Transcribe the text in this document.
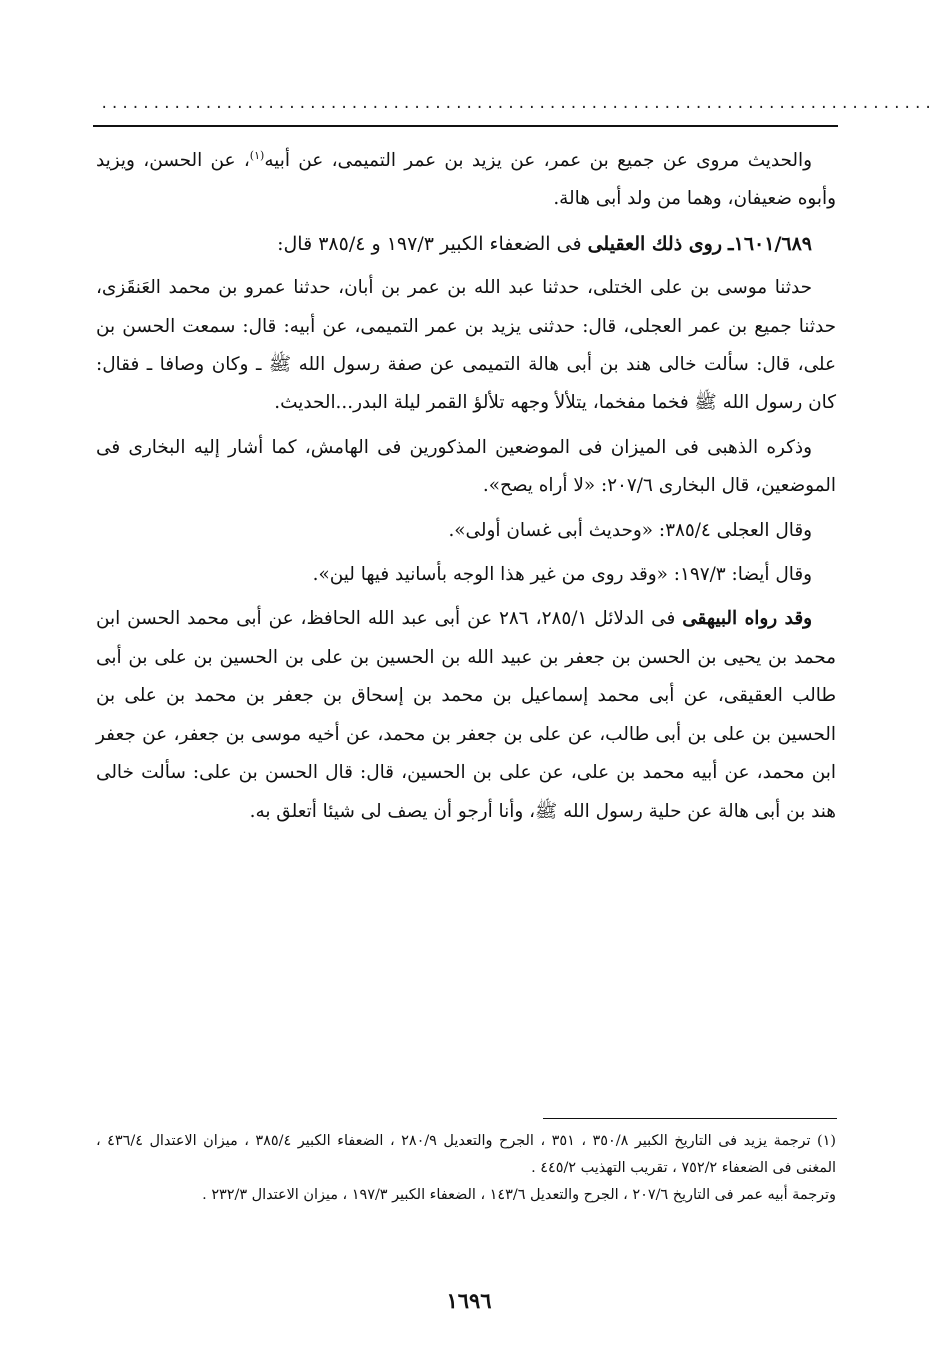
................................................................................

والحديث مروى عن جميع بن عمر، عن يزيد بن عمر التميمى، عن أبيه$^{(١)}$، عن الحسن، ويزيد وأبوه ضعيفان، وهما من ولد أبى هالة.

١٦٠١/٦٨٩ـ روى ذلك العقيلى فى الضعفاء الكبير ١٩٧/٣ و ٣٨٥/٤ قال:

حدثنا موسى بن على الختلى، حدثنا عبد الله بن عمر بن أبان، حدثنا عمرو بن محمد العَنقَزى، حدثنا جميع بن عمر العجلى، قال: حدثنى يزيد بن عمر التميمى، عن أبيه: قال: سمعت الحسن بن على، قال: سألت خالى هند بن أبى هالة التميمى عن صفة رسول الله ﷺ ـ وكان وصافا ـ فقال: كان رسول الله ﷺ فخما مفخما، يتلألأ وجهه تلألؤ القمر ليلة البدر...الحديث.

وذكره الذهبى فى الميزان فى الموضعين المذكورين فى الهامش، كما أشار إليه البخارى فى الموضعين، قال البخارى ٢٠٧/٦: «لا أراه يصح».

وقال العجلى ٣٨٥/٤: «وحديث أبى غسان أولى».

وقال أيضا: ١٩٧/٣: «وقد روى من غير هذا الوجه بأسانيد فيها لين».

وقد رواه البيهقى فى الدلائل ٢٨٥/١، ٢٨٦ عن أبى عبد الله الحافظ، عن أبى محمد الحسن ابن محمد بن يحيى بن الحسن بن جعفر بن عبيد الله بن الحسين بن على بن الحسين بن على بن أبى طالب العقيقى، عن أبى محمد إسماعيل بن محمد بن إسحاق بن جعفر بن محمد بن على بن الحسين بن على بن أبى طالب، عن على بن جعفر بن محمد، عن أخيه موسى بن جعفر، عن جعفر ابن محمد، عن أبيه محمد بن على، عن على بن الحسين، قال: قال الحسن بن على: سألت خالى هند بن أبى هالة عن حلية رسول الله ﷺ، وأنا أرجو أن يصف لى شيئا أتعلق به.

(١) ترجمة يزيد فى التاريخ الكبير ٣٥٠/٨ ، ٣٥١ ، الجرح والتعديل ٢٨٠/٩ ، الضعفاء الكبير ٣٨٥/٤ ، ميزان الاعتدال ٤٣٦/٤ ، المغنى فى الضعفاء ٧٥٢/٢ ، تقريب التهذيب ٤٤٥/٢ .

وترجمة أبيه عمر فى التاريخ ٢٠٧/٦ ، الجرح والتعديل ١٤٣/٦ ، الضعفاء الكبير ١٩٧/٣ ، ميزان الاعتدال ٢٣٢/٣ .

١٦٩٦
